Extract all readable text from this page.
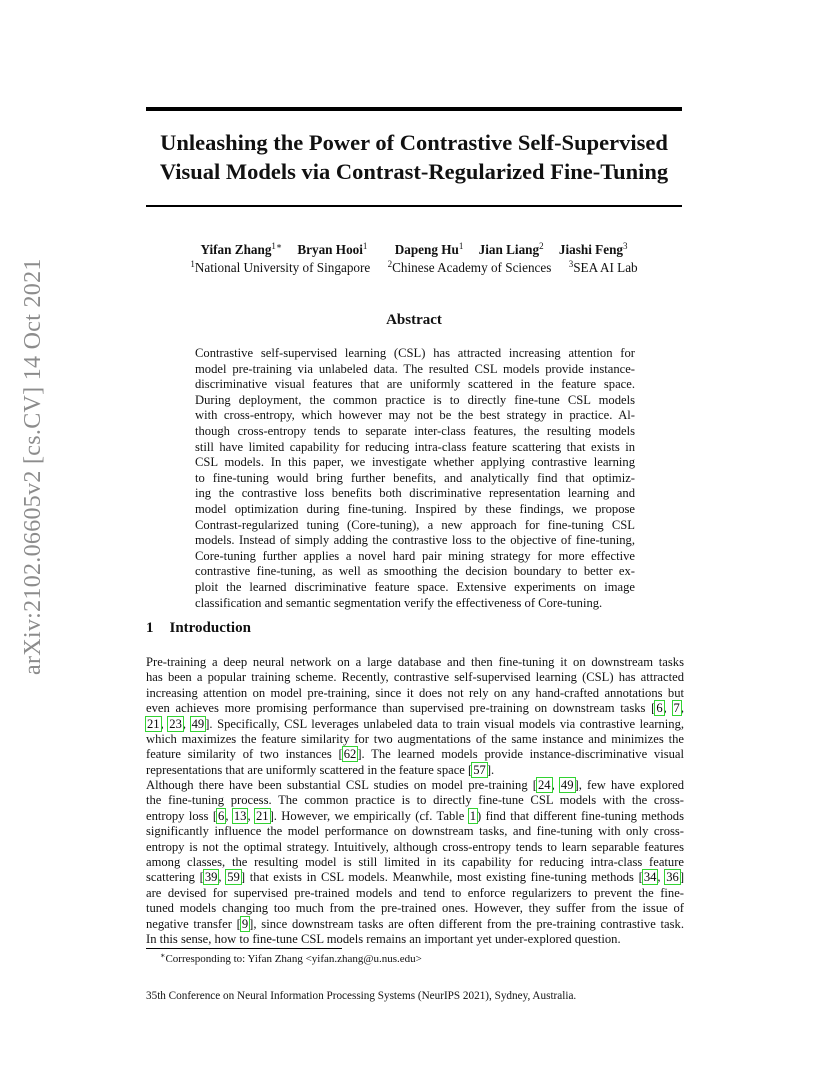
arXiv:2102.06605v2 [cs.CV] 14 Oct 2021
Unleashing the Power of Contrastive Self-Supervised
Visual Models via Contrast-Regularized Fine-Tuning
Yifan Zhang$^{1∗}$ Bryan Hooi$^1$ Dapeng Hu$^1$ Jian Liang$^2$ Jiashi Feng$^3$
$^1$National University of Singapore $^2$Chinese Academy of Sciences $^3$SEA AI Lab
Abstract
Contrastive self-supervised learning (CSL) has attracted increasing attention for
model pre-training via unlabeled data. The resulted CSL models provide instance-
discriminative visual features that are uniformly scattered in the feature space.
During deployment, the common practice is to directly fine-tune CSL models
with cross-entropy, which however may not be the best strategy in practice. Al-
though cross-entropy tends to separate inter-class features, the resulting models
still have limited capability for reducing intra-class feature scattering that exists in
CSL models. In this paper, we investigate whether applying contrastive learning
to fine-tuning would bring further benefits, and analytically find that optimiz-
ing the contrastive loss benefits both discriminative representation learning and
model optimization during fine-tuning. Inspired by these findings, we propose
Contrast-regularized tuning (Core-tuning), a new approach for fine-tuning CSL
models. Instead of simply adding the contrastive loss to the objective of fine-tuning,
Core-tuning further applies a novel hard pair mining strategy for more effective
contrastive fine-tuning, as well as smoothing the decision boundary to better ex-
ploit the learned discriminative feature space. Extensive experiments on image
classification and semantic segmentation verify the effectiveness of Core-tuning.
1 Introduction
Pre-training a deep neural network on a large database and then fine-tuning it on downstream tasks
has been a popular training scheme. Recently, contrastive self-supervised learning (CSL) has attracted
increasing attention on model pre-training, since it does not rely on any hand-crafted annotations but
even achieves more promising performance than supervised pre-training on downstream tasks [6, 7,
21, 23, 49]. Specifically, CSL leverages unlabeled data to train visual models via contrastive learning,
which maximizes the feature similarity for two augmentations of the same instance and minimizes the
feature similarity of two instances [62]. The learned models provide instance-discriminative visual
representations that are uniformly scattered in the feature space [57].
Although there have been substantial CSL studies on model pre-training [24, 49], few have explored
the fine-tuning process. The common practice is to directly fine-tune CSL models with the cross-
entropy loss [6, 13, 21]. However, we empirically (cf. Table 1) find that different fine-tuning methods
significantly influence the model performance on downstream tasks, and fine-tuning with only cross-
entropy is not the optimal strategy. Intuitively, although cross-entropy tends to learn separable features
among classes, the resulting model is still limited in its capability for reducing intra-class feature
scattering [39, 59] that exists in CSL models. Meanwhile, most existing fine-tuning methods [34, 36]
are devised for supervised pre-trained models and tend to enforce regularizers to prevent the fine-
tuned models changing too much from the pre-trained ones. However, they suffer from the issue of
negative transfer [9], since downstream tasks are often different from the pre-training contrastive task.
In this sense, how to fine-tune CSL models remains an important yet under-explored question.
∗Corresponding to: Yifan Zhang <yifan.zhang@u.nus.edu>
35th Conference on Neural Information Processing Systems (NeurIPS 2021), Sydney, Australia.
